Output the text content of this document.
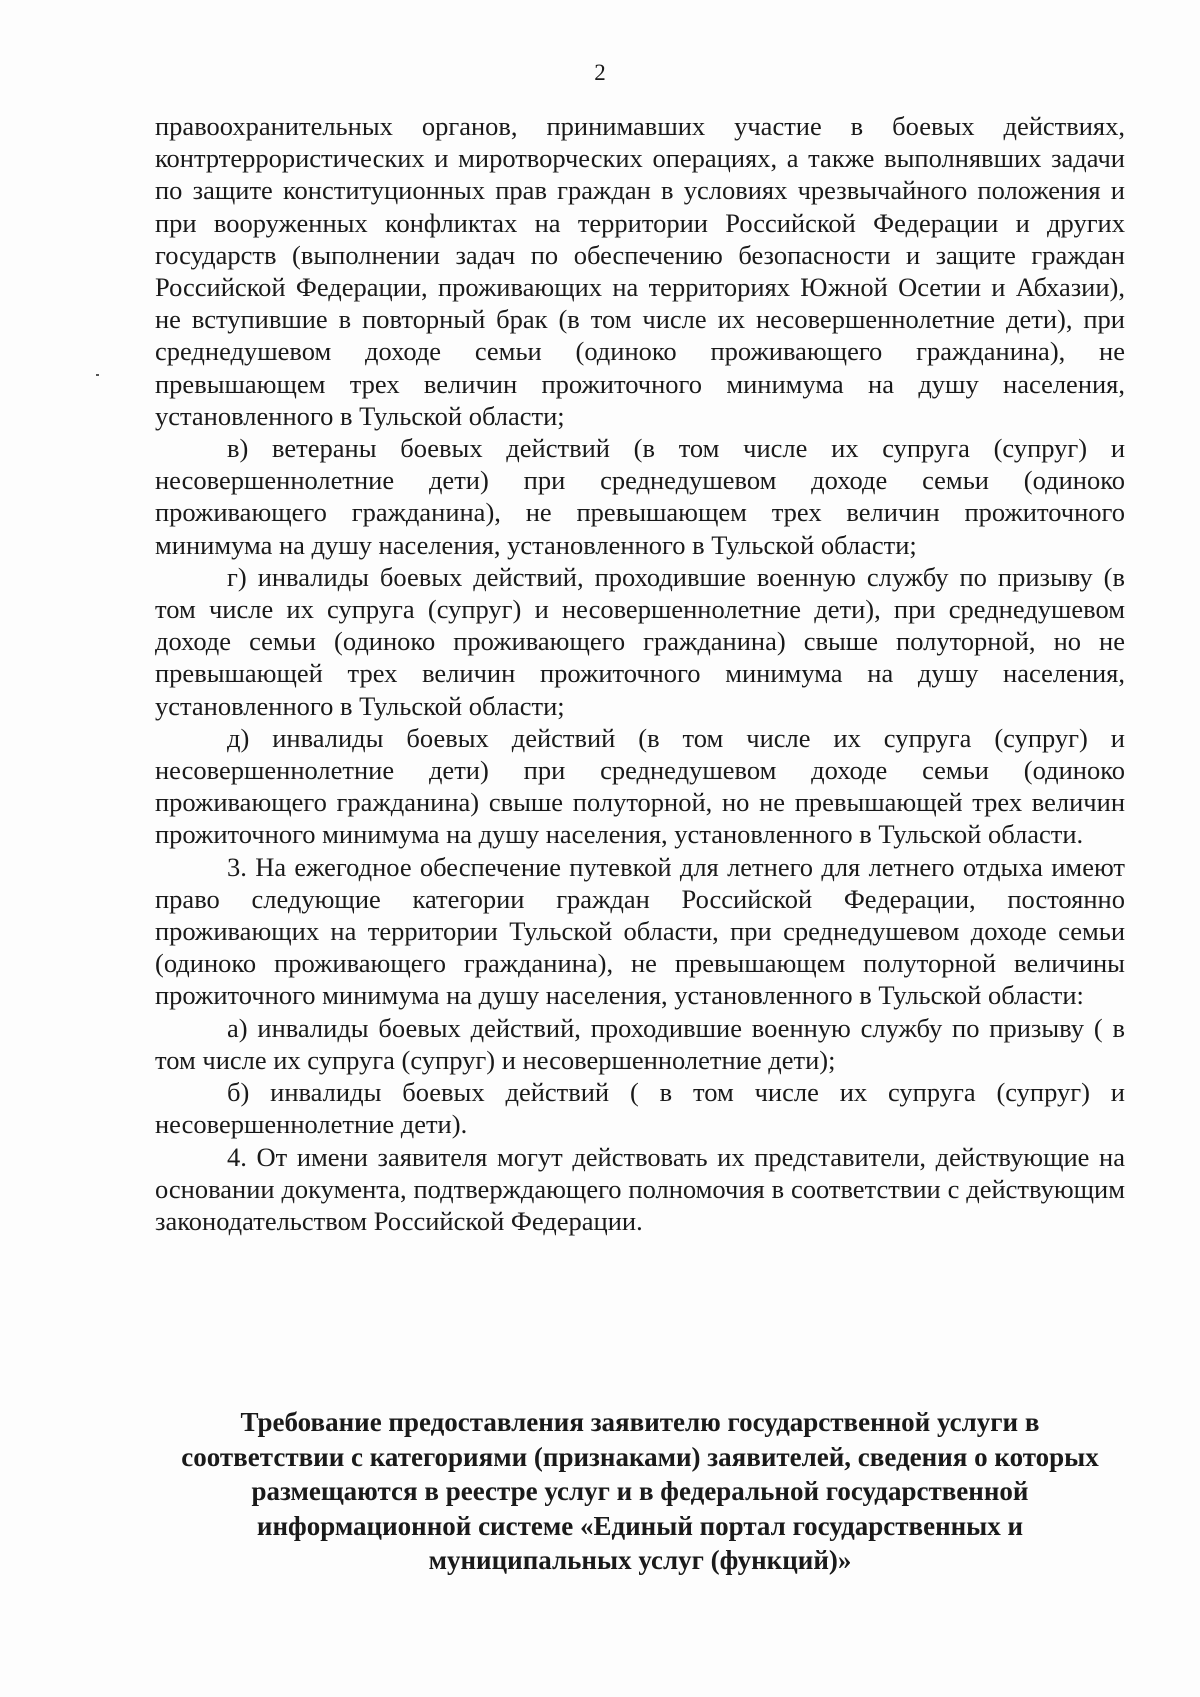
2

правоохранительных органов, принимавших участие в боевых действиях, контртеррористических и миротворческих операциях, а также выполнявших задачи по защите конституционных прав граждан в условиях чрезвычайного положения и при вооруженных конфликтах на территории Российской Федерации и других государств (выполнении задач по обеспечению безопасности и защите граждан Российской Федерации, проживающих на территориях Южной Осетии и Абхазии), не вступившие в повторный брак (в том числе их несовершеннолетние дети), при среднедушевом доходе семьи (одиноко проживающего гражданина), не превышающем трех величин прожиточного минимума на душу населения, установленного в Тульской области;

в) ветераны боевых действий (в том числе их супруга (супруг) и несовершеннолетние дети) при среднедушевом доходе семьи (одиноко проживающего гражданина), не превышающем трех величин прожиточного минимума на душу населения, установленного в Тульской области;

г) инвалиды боевых действий, проходившие военную службу по призыву (в том числе их супруга (супруг) и несовершеннолетние дети), при среднедушевом доходе семьи (одиноко проживающего гражданина) свыше полуторной, но не превышающей трех величин прожиточного минимума на душу населения, установленного в Тульской области;

д) инвалиды боевых действий (в том числе их супруга (супруг) и несовершеннолетние дети) при среднедушевом доходе семьи (одиноко проживающего гражданина) свыше полуторной, но не превышающей трех величин прожиточного минимума на душу населения, установленного в Тульской области.

3. На ежегодное обеспечение путевкой для летнего для летнего отдыха имеют право следующие категории граждан Российской Федерации, постоянно проживающих на территории Тульской области, при среднедушевом доходе семьи (одиноко проживающего гражданина), не превышающем полуторной величины прожиточного минимума на душу населения, установленного в Тульской области:

а) инвалиды боевых действий, проходившие военную службу по призыву ( в том числе их супруга (супруг) и несовершеннолетние дети);

б) инвалиды боевых действий ( в том числе их супруга (супруг) и несовершеннолетние дети).

4. От имени заявителя могут действовать их представители, действующие на основании документа, подтверждающего полномочия в соответствии с действующим законодательством Российской Федерации.

Требование предоставления заявителю государственной услуги в
соответствии с категориями (признаками) заявителей, сведения о которых
размещаются в реестре услуг и в федеральной государственной
информационной системе «Единый портал государственных и
муниципальных услуг (функций)»
